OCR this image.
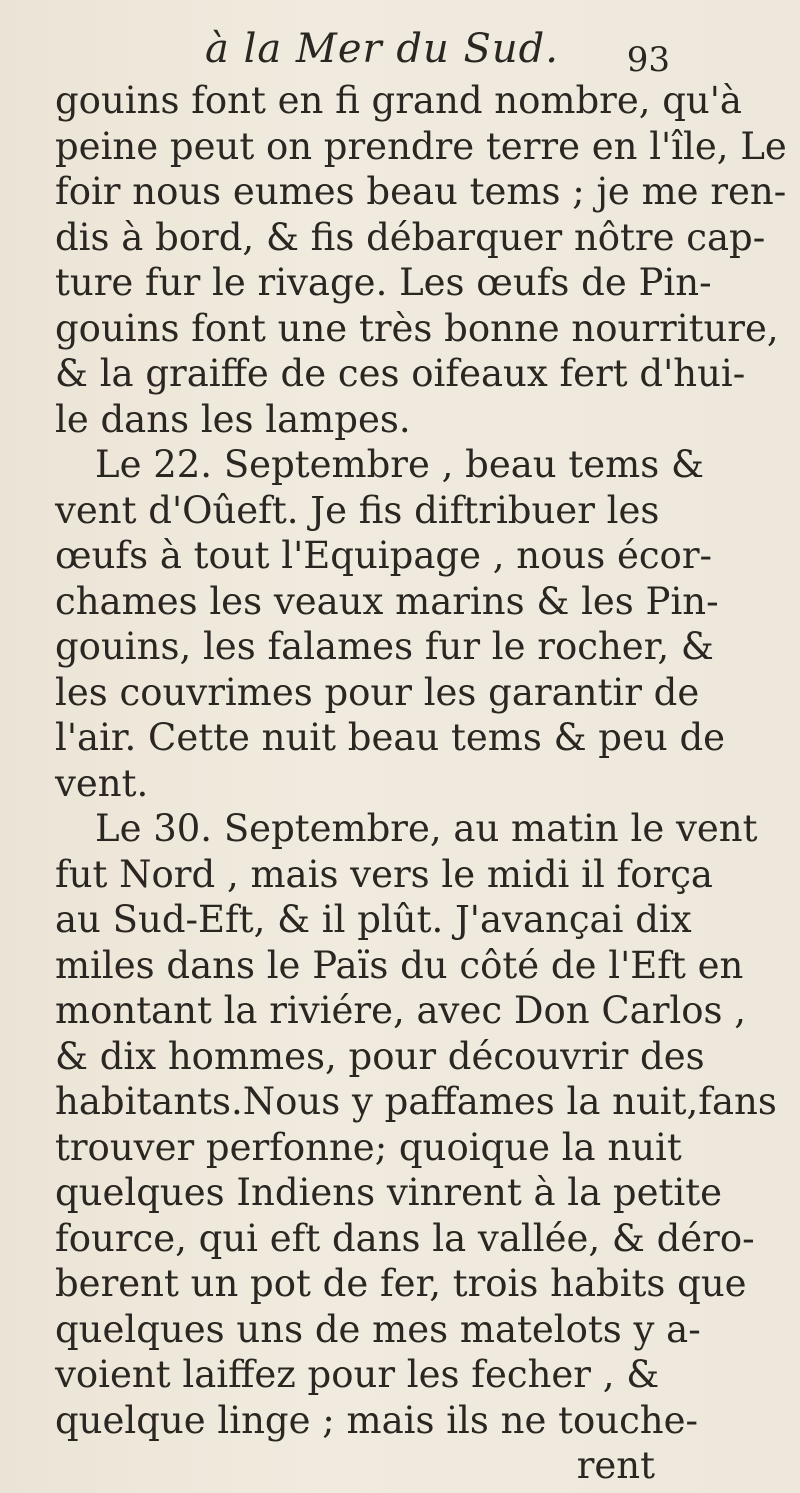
à la Mer du Sud. 93
gouins font en fi grand nombre, qu'à
peine peut on prendre terre en l'île, Le
foir nous eumes beau tems ; je me ren-
dis à bord, & fis débarquer nôtre cap-
ture fur le rivage. Les œufs de Pin-
gouins font une très bonne nourriture,
& la graiffe de ces oifeaux fert d'hui-
le dans les lampes.
Le 22. Septembre , beau tems &
vent d'Oûeft. Je fis diftribuer les
œufs à tout l'Equipage , nous écor-
chames les veaux marins & les Pin-
gouins, les falames fur le rocher, &
les couvrimes pour les garantir de
l'air. Cette nuit beau tems & peu de
vent.
Le 30. Septembre, au matin le vent
fut Nord , mais vers le midi il força
au Sud-Eft, & il plût. J'avançai dix
miles dans le Païs du côté de l'Eft en
montant la riviére, avec Don Carlos ,
& dix hommes, pour découvrir des
habitants.Nous y paffames la nuit,fans
trouver perfonne; quoique la nuit
quelques Indiens vinrent à la petite
fource, qui eft dans la vallée, & déro-
berent un pot de fer, trois habits que
quelques uns de mes matelots y a-
voient laiffez pour les fecher , &
quelque linge ; mais ils ne touche-
rent
